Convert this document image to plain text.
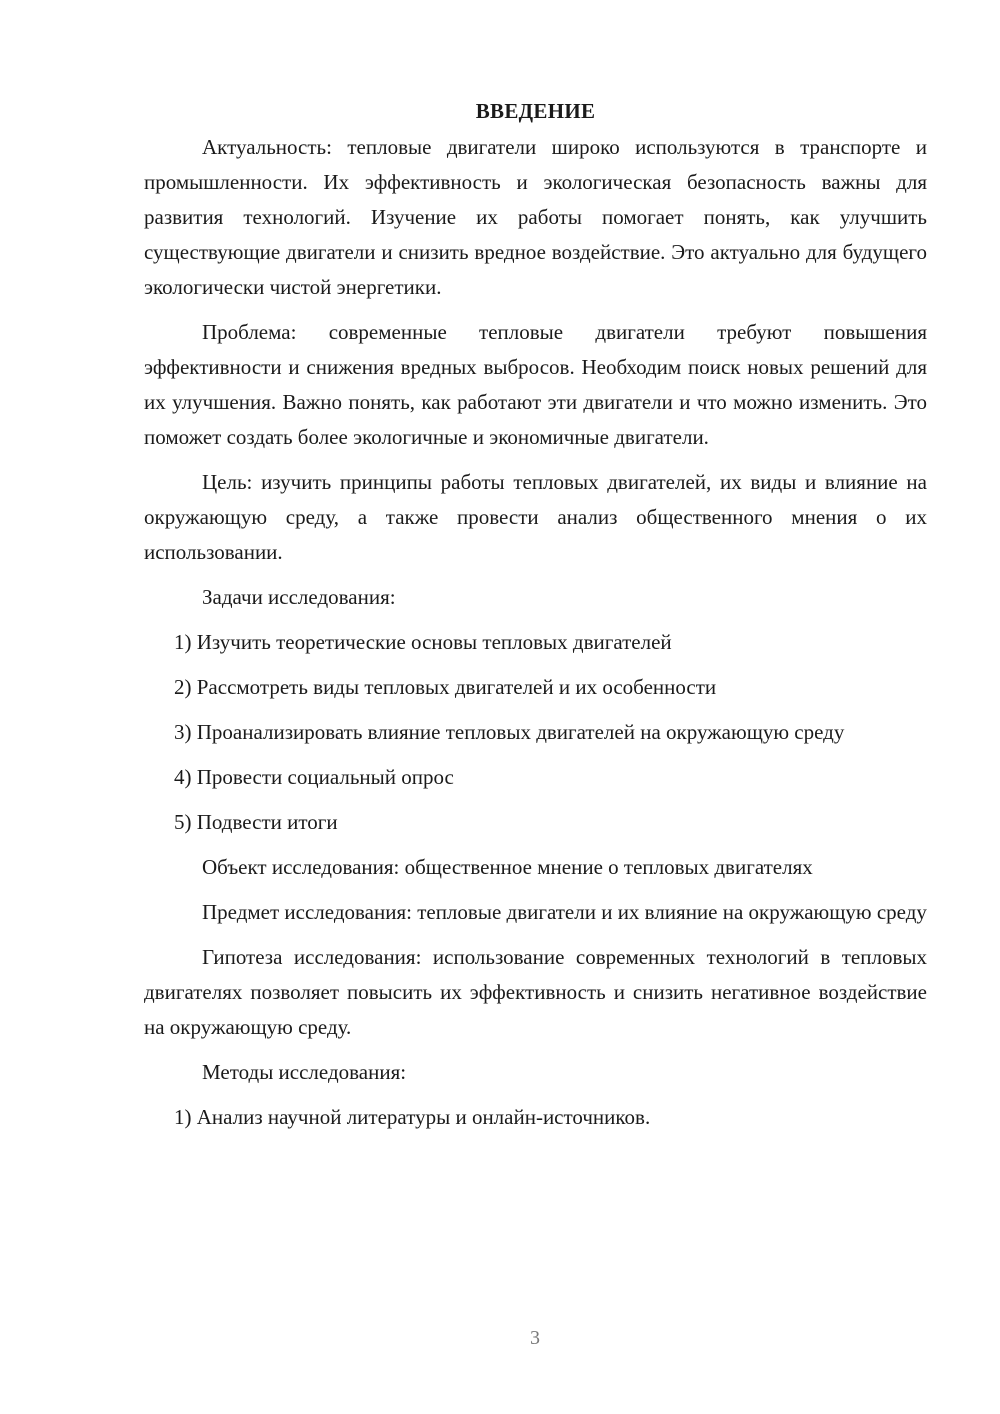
ВВЕДЕНИЕ

Актуальность: тепловые двигатели широко используются в транспорте и промышленности. Их эффективность и экологическая безопасность важны для развития технологий. Изучение их работы помогает понять, как улучшить существующие двигатели и снизить вредное воздействие. Это актуально для будущего экологически чистой энергетики.

Проблема: современные тепловые двигатели требуют повышения эффективности и снижения вредных выбросов. Необходим поиск новых решений для их улучшения. Важно понять, как работают эти двигатели и что можно изменить. Это поможет создать более экологичные и экономичные двигатели.

Цель: изучить принципы работы тепловых двигателей, их виды и влияние на окружающую среду, а также провести анализ общественного мнения о их использовании.

Задачи исследования:

1) Изучить теоретические основы тепловых двигателей

2) Рассмотреть виды тепловых двигателей и их особенности

3) Проанализировать влияние тепловых двигателей на окружающую среду

4) Провести социальный опрос

5) Подвести итоги

Объект исследования: общественное мнение о тепловых двигателях

Предмет исследования: тепловые двигатели и их влияние на окружающую среду

Гипотеза исследования: использование современных технологий в тепловых двигателях позволяет повысить их эффективность и снизить негативное воздействие на окружающую среду.

Методы исследования:

1) Анализ научной литературы и онлайн-источников.

3
